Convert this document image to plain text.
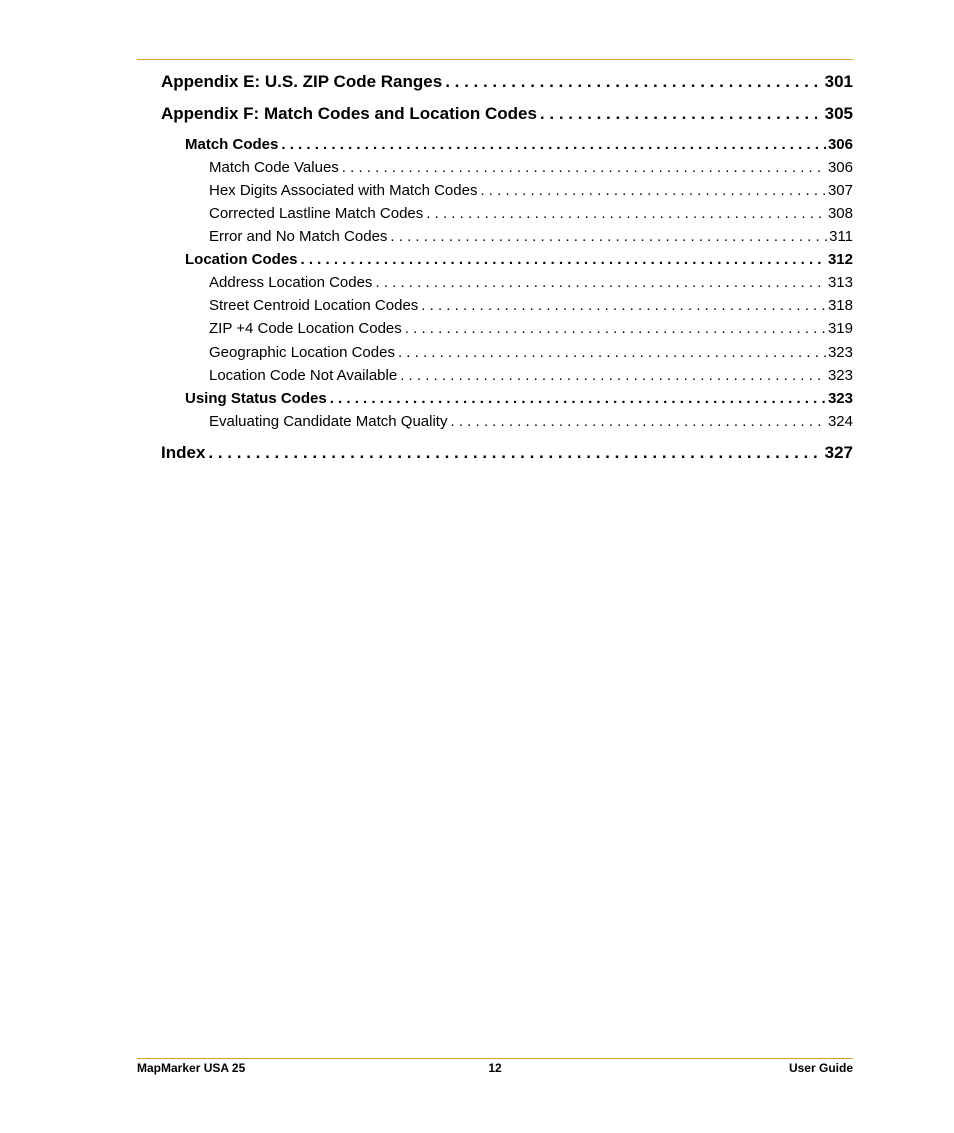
Appendix E: U.S. ZIP Code Ranges . . .	301
Appendix F: Match Codes and Location Codes . . .	305
Match Codes . . .	306
Match Code Values . . .	306
Hex Digits Associated with Match Codes . . .	307
Corrected Lastline Match Codes . . .	308
Error and No Match Codes . . .	311
Location Codes . . .	312
Address Location Codes . . .	313
Street Centroid Location Codes . . .	318
ZIP +4 Code Location Codes . . .	319
Geographic Location Codes . . .	323
Location Code Not Available . . .	323
Using Status Codes . . .	323
Evaluating Candidate Match Quality . . .	324
Index . . .	327
MapMarker USA 25	12	User Guide
